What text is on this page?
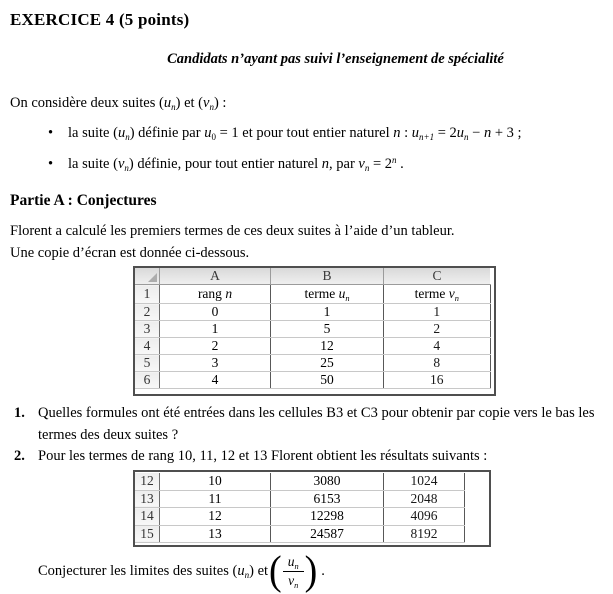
EXERCICE 4 (5 points)

Candidats n’ayant pas suivi l’enseignement de spécialité

On considère deux suites $(u_n)$ et $(v_n)$ :

• la suite $(u_n)$ définie par $u_0 = 1$ et pour tout entier naturel n : $u_{n+1} = 2u_n - n + 3$ ;
• la suite $(v_n)$ définie, pour tout entier naturel n, par $v_n = 2^n$ .
Partie A : Conjectures

Florent a calculé les premiers termes de ces deux suites à l’aide d’un tableur.

Une copie d’écran est donnée ci-dessous.

	A	B	C
1	rang n	terme $u_n$	terme $v_n$
2	0	1	1
3	1	5	2
4	2	12	4
5	3	25	8
6	4	50	16
1. Quelles formules ont été entrées dans les cellules B3 et C3 pour obtenir par copie vers le bas les termes des deux suites ?
2. Pour les termes de rang 10, 11, 12 et 13 Florent obtient les résultats suivants :
12	10	3080	1024
13	11	6153	2048
14	12	12298	4096
15	13	24587	8192
Conjecturer les limites des suites $(u_n)$ et ( $\frac{u_n}{v_n}$ ) .
